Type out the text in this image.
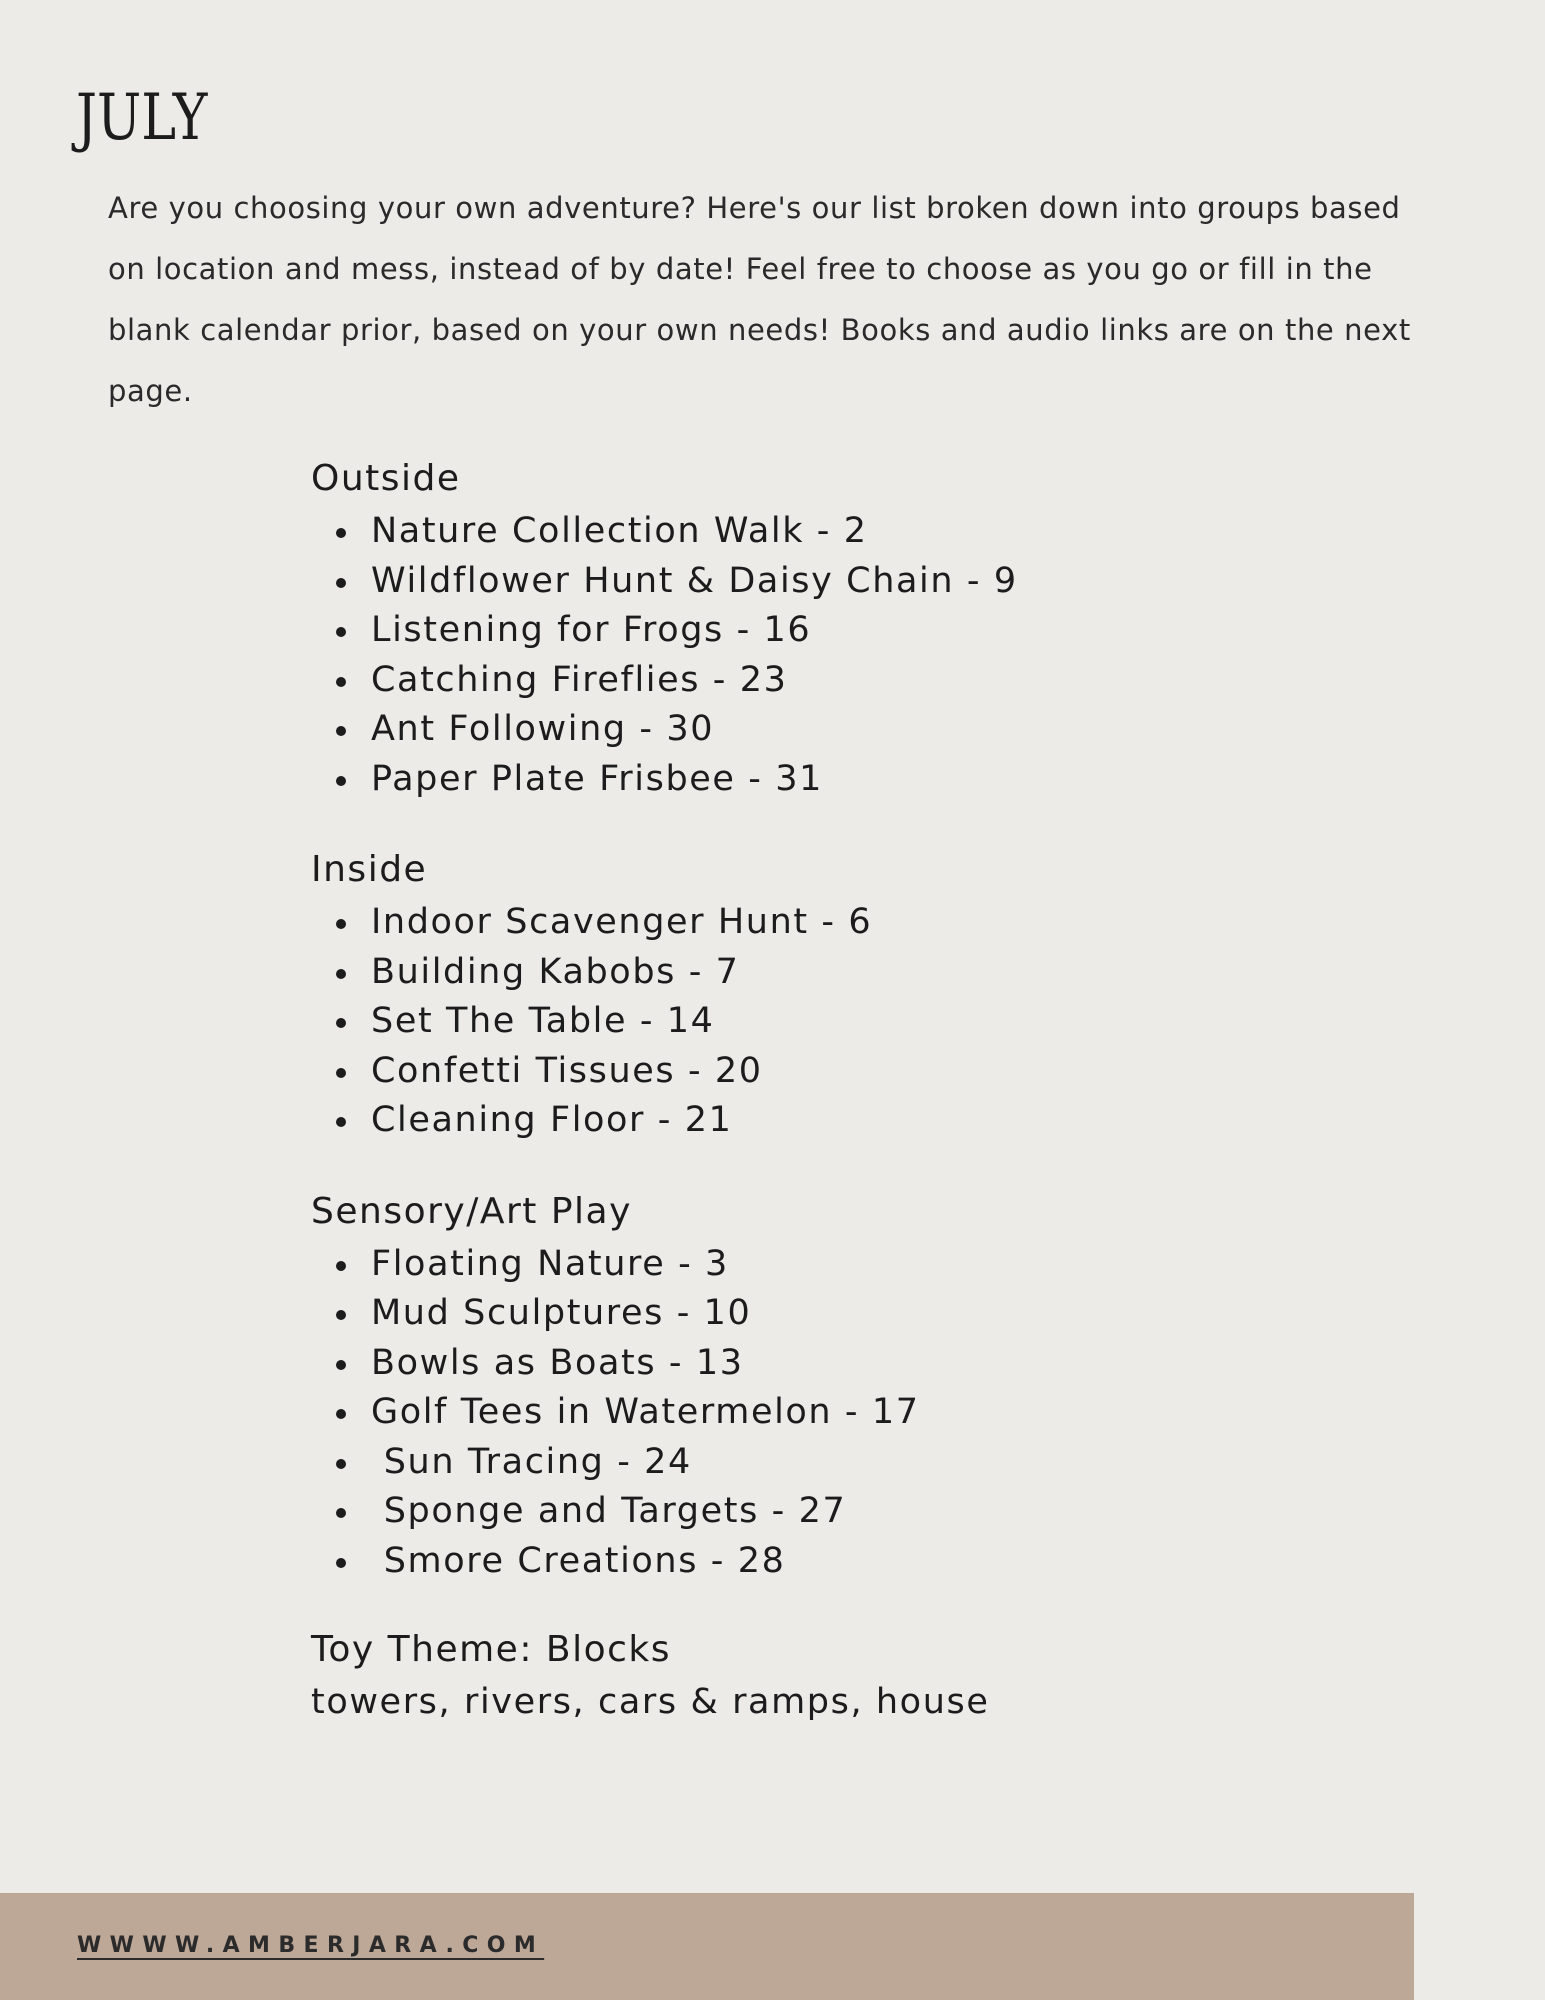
JULY

Are you choosing your own adventure? Here's our list broken down into groups based on location and mess, instead of by date! Feel free to choose as you go or fill in the blank calendar prior, based on your own needs! Books and audio links are on the next page.

Outside
Nature Collection Walk - 2
Wildflower Hunt & Daisy Chain - 9
Listening for Frogs - 16
Catching Fireflies - 23
Ant Following - 30
Paper Plate Frisbee - 31
Inside
Indoor Scavenger Hunt - 6
Building Kabobs - 7
Set The Table - 14
Confetti Tissues - 20
Cleaning Floor - 21
Sensory/Art Play
Floating Nature - 3
Mud Sculptures - 10
Bowls as Boats - 13
Golf Tees in Watermelon - 17
Sun Tracing - 24
Sponge and Targets - 27
Smore Creations - 28
Toy Theme: Blocks

towers, rivers, cars & ramps, house

WWWW.AMBERJARA.COM
